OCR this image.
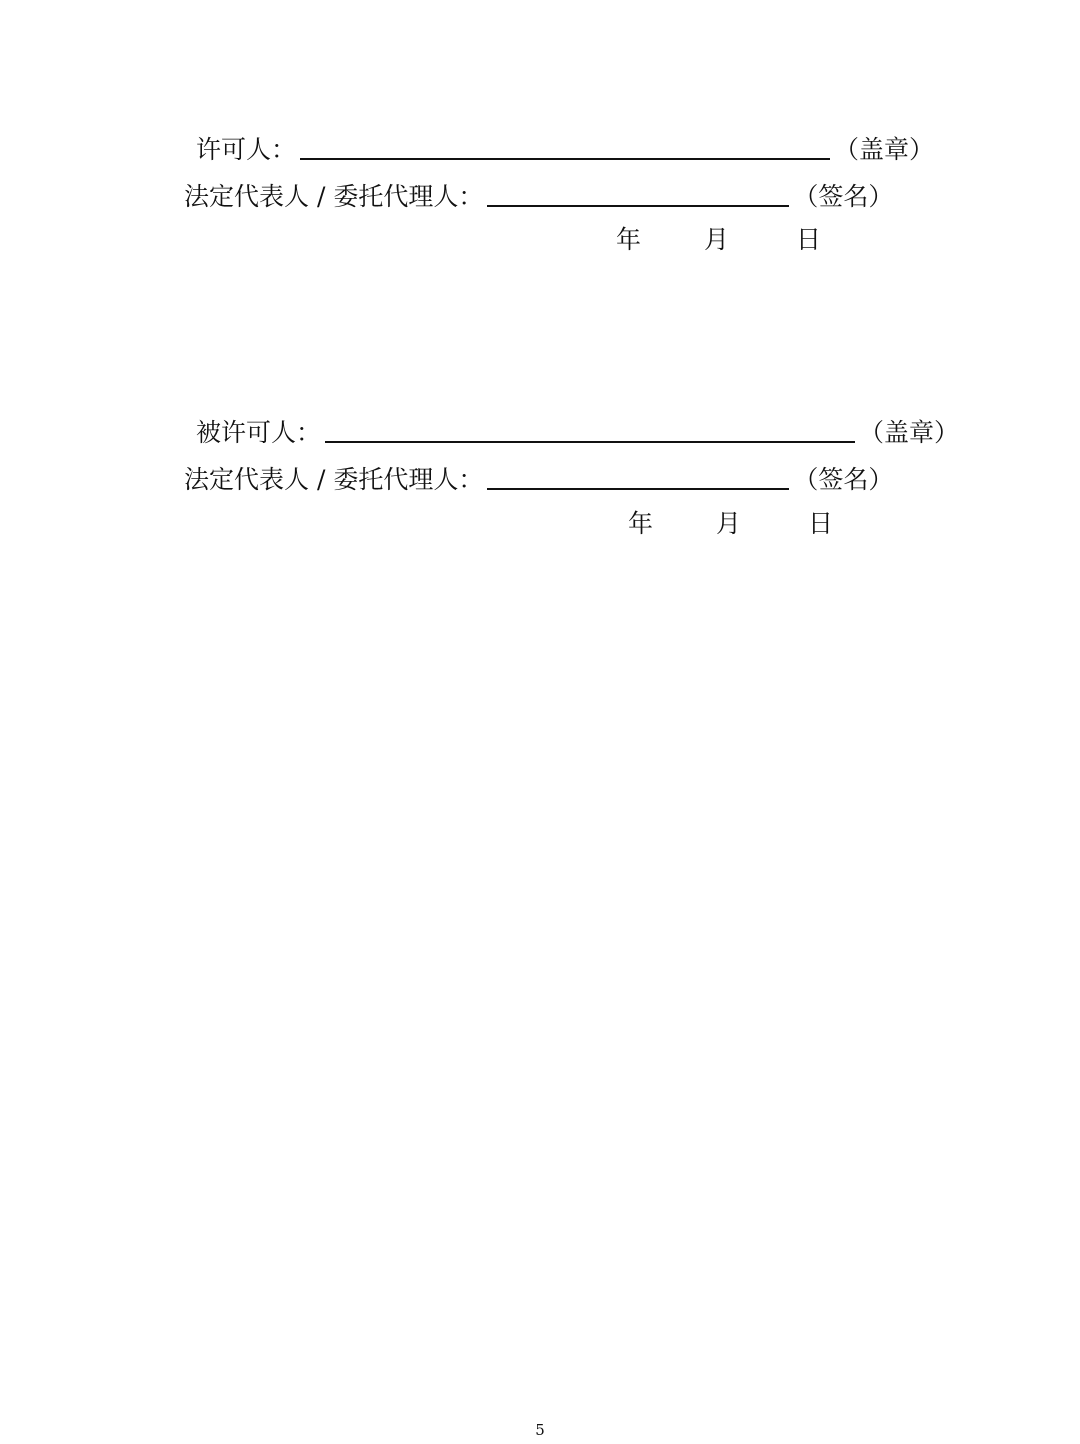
许可人：	（盖章）
法定代表人 / 委托代理人：	（签名）
年	月	日
被许可人：	（盖章）
法定代表人 / 委托代理人：	（签名）
年	月	日
5
